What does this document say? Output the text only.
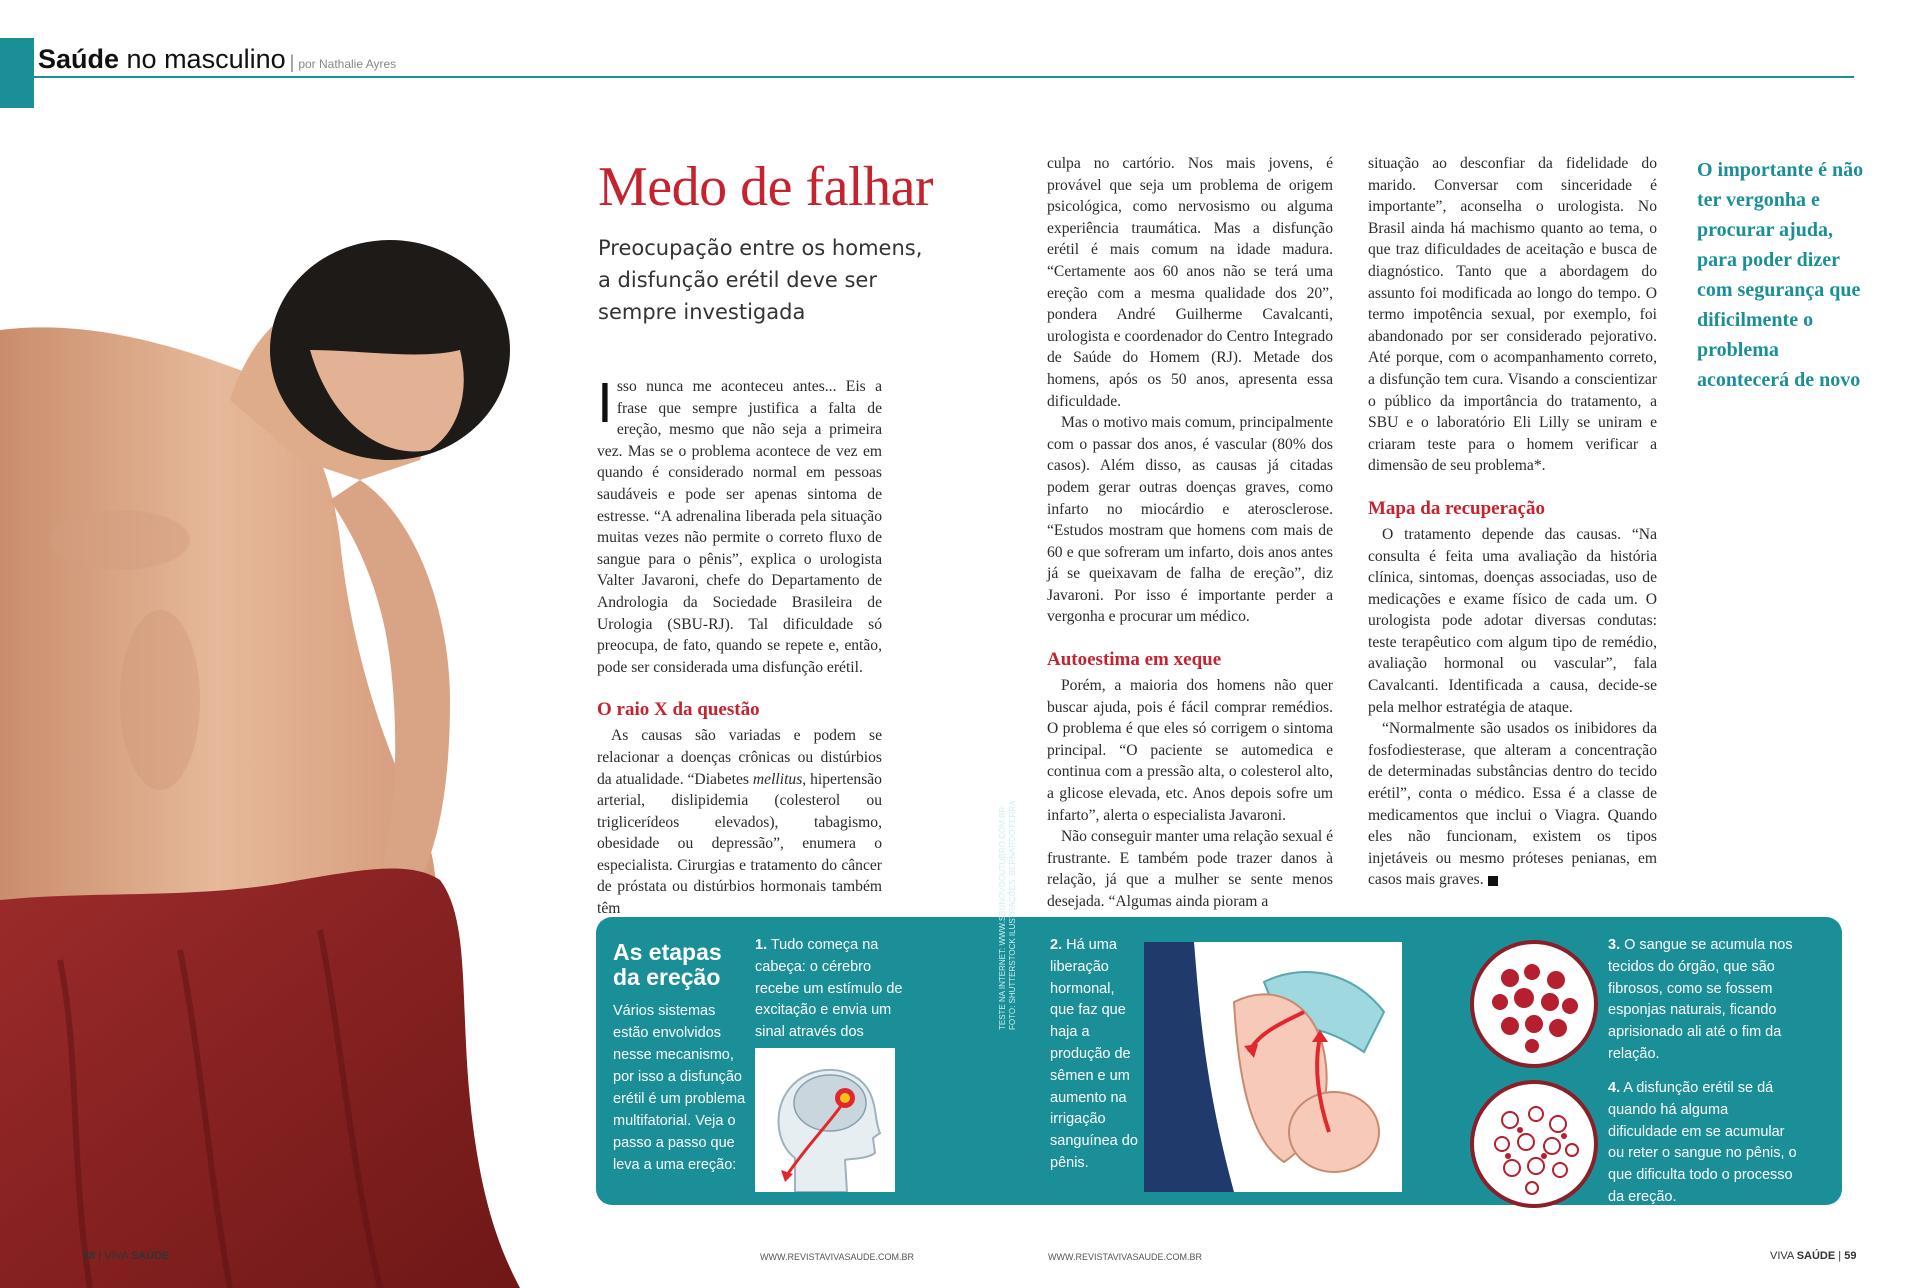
Saúde no masculino | por Nathalie Ayres
Medo de falhar
Preocupação entre os homens, a disfunção erétil deve ser sempre investigada

Isso nunca me aconteceu antes... Eis a frase que sempre justifica a falta de ereção, mesmo que não seja a primeira vez. Mas se o problema acontece de vez em quando é considerado normal em pessoas saudáveis e pode ser apenas sintoma de estresse. “A adrenalina liberada pela situação muitas vezes não permite o correto fluxo de sangue para o pênis”, explica o urologista Valter Javaroni, chefe do Departamento de Andrologia da Sociedade Brasileira de Urologia (SBU-RJ). Tal dificuldade só preocupa, de fato, quando se repete e, então, pode ser considerada uma disfunção erétil.

O raio X da questão

As causas são variadas e podem se relacionar a doenças crônicas ou distúrbios da atualidade. “Diabetes mellitus, hipertensão arterial, dislipidemia (colesterol ou triglicerídeos elevados), tabagismo, obesidade ou depressão”, enumera o especialista. Cirurgias e tratamento do câncer de próstata ou distúrbios hormonais também têm

culpa no cartório. Nos mais jovens, é provável que seja um problema de origem psicológica, como nervosismo ou alguma experiência traumática. Mas a disfunção erétil é mais comum na idade madura. “Certamente aos 60 anos não se terá uma ereção com a mesma qualidade dos 20”, pondera André Guilherme Cavalcanti, urologista e coordenador do Centro Integrado de Saúde do Homem (RJ). Metade dos homens, após os 50 anos, apresenta essa dificuldade.

Mas o motivo mais comum, principalmente com o passar dos anos, é vascular (80% dos casos). Além disso, as causas já citadas podem gerar outras doenças graves, como infarto no miocárdio e aterosclerose. “Estudos mostram que homens com mais de 60 e que sofreram um infarto, dois anos antes já se queixavam de falha de ereção”, diz Javaroni. Por isso é importante perder a vergonha e procurar um médico.

Autoestima em xeque

Porém, a maioria dos homens não quer buscar ajuda, pois é fácil comprar remédios. O problema é que eles só corrigem o sintoma principal. “O paciente se automedica e continua com a pressão alta, o colesterol alto, a glicose elevada, etc. Anos depois sofre um infarto”, alerta o especialista Javaroni.

Não conseguir manter uma relação sexual é frustrante. E também pode trazer danos à relação, já que a mulher se sente menos desejada. “Algumas ainda pioram a

situação ao desconfiar da fidelidade do marido. Conversar com sinceridade é importante”, aconselha o urologista. No Brasil ainda há machismo quanto ao tema, o que traz dificuldades de aceitação e busca de diagnóstico. Tanto que a abordagem do assunto foi modificada ao longo do tempo. O termo impotência sexual, por exemplo, foi abandonado por ser considerado pejorativo. Até porque, com o acompanhamento correto, a disfunção tem cura. Visando a conscientizar o público da importância do tratamento, a SBU e o laboratório Eli Lilly se uniram e criaram teste para o homem verificar a dimensão de seu problema*.

Mapa da recuperação

O tratamento depende das causas. “Na consulta é feita uma avaliação da história clínica, sintomas, doenças associadas, uso de medicações e exame físico de cada um. O urologista pode adotar diversas condutas: teste terapêutico com algum tipo de remédio, avaliação hormonal ou vascular”, fala Cavalcanti. Identificada a causa, decide-se pela melhor estratégia de ataque.

“Normalmente são usados os inibidores da fosfodiesterase, que alteram a concentração de determinadas substâncias dentro do tecido erétil”, conta o médico. Essa é a classe de medicamentos que inclui o Viagra. Quando eles não funcionam, existem os tipos injetáveis ou mesmo próteses penianas, em casos mais graves.

O importante é não ter vergonha e procurar ajuda, para poder dizer com segurança que dificilmente o problema acontecerá de novo
As etapas da ereção
Vários sistemas estão envolvidos nesse mecanismo, por isso a disfunção erétil é um problema multifatorial. Veja o passo a passo que leva a uma ereção:
1. Tudo começa na cabeça: o cérebro recebe um estímulo de excitação e envia um sinal através dos
2. Há uma liberação hormonal, que faz que haja a produção de sêmen e um aumento na irrigação sanguínea do pênis.
3. O sangue se acumula nos tecidos do órgão, que são fibrosos, como se fossem esponjas naturais, ficando aprisionado ali até o fim da relação.
4. A disfunção erétil se dá quando há alguma dificuldade em se acumular ou reter o sangue no pênis, o que dificulta todo o processo da ereção.
TESTE NA INTERNET: WWW.SBUNOVOOUTUBRO.COM.BR FOTO: SHUTTERSTOCK ILUSTRAÇÕES: BERNARDO FERRA
58 | VIVA SAÚDE	WWW.REVISTAVIVASAUDE.COM.BR	WWW.REVISTAVIVASAUDE.COM.BR	VIVA SAÚDE | 59
